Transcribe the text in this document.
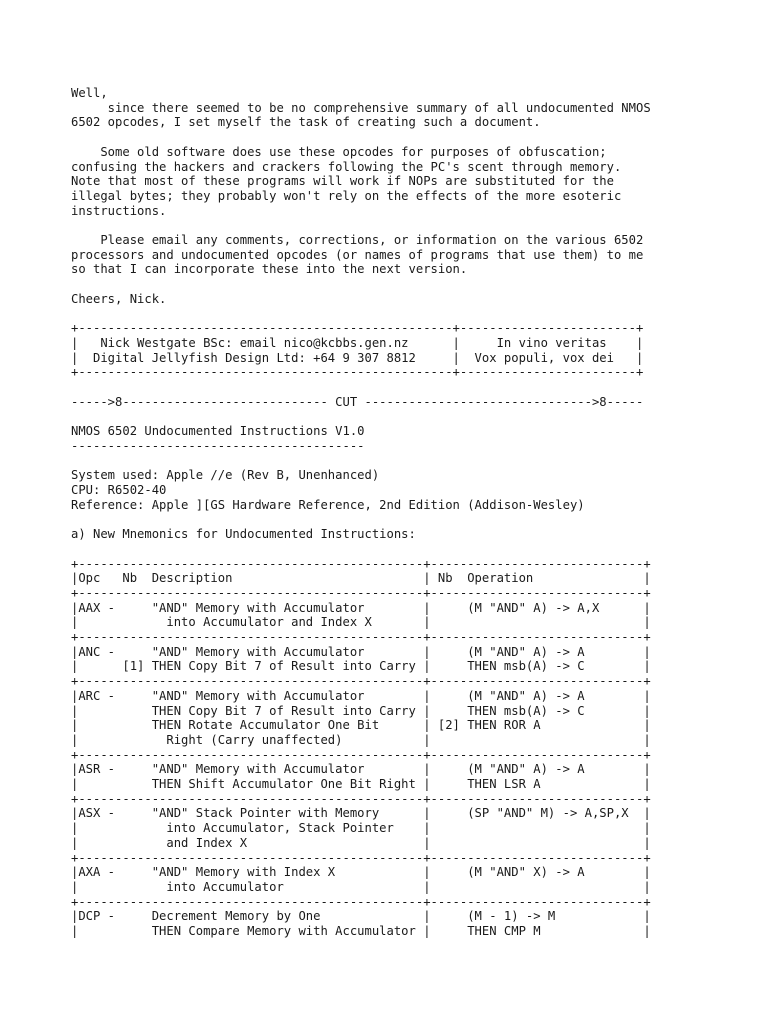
Well,
since there seemed to be no comprehensive summary of all undocumented NMOS
6502 opcodes, I set myself the task of creating such a document.

Some old software does use these opcodes for purposes of obfuscation;
confusing the hackers and crackers following the PC's scent through memory.
Note that most of these programs will work if NOPs are substituted for the
illegal bytes; they probably won't rely on the effects of the more esoteric
instructions.

Please email any comments, corrections, or information on the various 6502
processors and undocumented opcodes (or names of programs that use them) to me
so that I can incorporate these into the next version.

Cheers, Nick.

+---------------------------------------------------+------------------------+
|   Nick Westgate BSc: email nico@kcbbs.gen.nz      |     In vino veritas    |
|  Digital Jellyfish Design Ltd: +64 9 307 8812     |  Vox populi, vox dei   |
+---------------------------------------------------+------------------------+

----->8---------------------------- CUT ------------------------------->8-----

NMOS 6502 Undocumented Instructions V1.0
----------------------------------------

System used: Apple //e (Rev B, Unenhanced)
CPU: R6502-40
Reference: Apple ][GS Hardware Reference, 2nd Edition (Addison-Wesley)

a) New Mnemonics for Undocumented Instructions:

+-----------------------------------------------+-----------------------------+
|Opc   Nb  Description                          | Nb  Operation               |
+-----------------------------------------------+-----------------------------+
|AAX -     "AND" Memory with Accumulator        |     (M "AND" A) -> A,X      |
|            into Accumulator and Index X       |                             |
+-----------------------------------------------+-----------------------------+
|ANC -     "AND" Memory with Accumulator        |     (M "AND" A) -> A        |
|      [1] THEN Copy Bit 7 of Result into Carry |     THEN msb(A) -> C        |
+-----------------------------------------------+-----------------------------+
|ARC -     "AND" Memory with Accumulator        |     (M "AND" A) -> A        |
|          THEN Copy Bit 7 of Result into Carry |     THEN msb(A) -> C        |
|          THEN Rotate Accumulator One Bit      | [2] THEN ROR A              |
|            Right (Carry unaffected)           |                             |
+-----------------------------------------------+-----------------------------+
|ASR -     "AND" Memory with Accumulator        |     (M "AND" A) -> A        |
|          THEN Shift Accumulator One Bit Right |     THEN LSR A              |
+-----------------------------------------------+-----------------------------+
|ASX -     "AND" Stack Pointer with Memory      |     (SP "AND" M) -> A,SP,X  |
|            into Accumulator, Stack Pointer    |                             |
|            and Index X                        |                             |
+-----------------------------------------------+-----------------------------+
|AXA -     "AND" Memory with Index X            |     (M "AND" X) -> A        |
|            into Accumulator                   |                             |
+-----------------------------------------------+-----------------------------+
|DCP -     Decrement Memory by One              |     (M - 1) -> M            |
|          THEN Compare Memory with Accumulator |     THEN CMP M              |
